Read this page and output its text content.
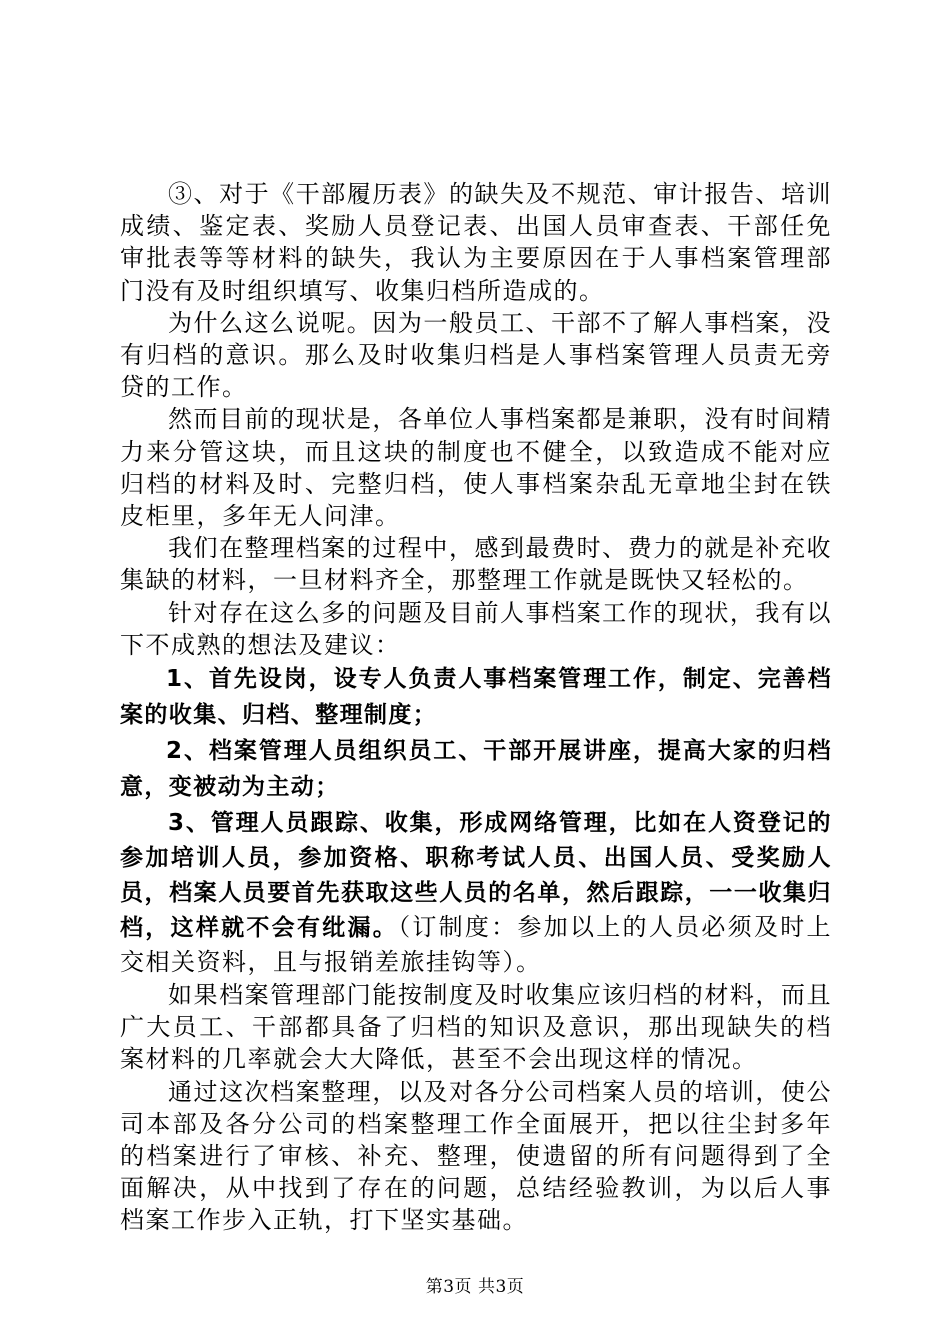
③、对于《干部履历表》的缺失及不规范、审计报告、培训成绩、鉴定表、奖励人员登记表、出国人员审查表、干部任免审批表等等材料的缺失，我认为主要原因在于人事档案管理部门没有及时组织填写、收集归档所造成的。

为什么这么说呢。因为一般员工、干部不了解人事档案，没有归档的意识。那么及时收集归档是人事档案管理人员责无旁贷的工作。

然而目前的现状是，各单位人事档案都是兼职，没有时间精力来分管这块，而且这块的制度也不健全，以致造成不能对应归档的材料及时、完整归档，使人事档案杂乱无章地尘封在铁皮柜里，多年无人问津。

我们在整理档案的过程中，感到最费时、费力的就是补充收集缺的材料，一旦材料齐全，那整理工作就是既快又轻松的。

针对存在这么多的问题及目前人事档案工作的现状，我有以下不成熟的想法及建议：

1、首先设岗，设专人负责人事档案管理工作，制定、完善档案的收集、归档、整理制度；

2、档案管理人员组织员工、干部开展讲座，提高大家的归档意，变被动为主动；

3、管理人员跟踪、收集，形成网络管理，比如在人资登记的参加培训人员，参加资格、职称考试人员、出国人员、受奖励人员，档案人员要首先获取这些人员的名单，然后跟踪，一一收集归档，这样就不会有纰漏。（订制度：参加以上的人员必须及时上交相关资料，且与报销差旅挂钩等）。

如果档案管理部门能按制度及时收集应该归档的材料，而且广大员工、干部都具备了归档的知识及意识，那出现缺失的档案材料的几率就会大大降低，甚至不会出现这样的情况。

通过这次档案整理，以及对各分公司档案人员的培训，使公司本部及各分公司的档案整理工作全面展开，把以往尘封多年的档案进行了审核、补充、整理，使遗留的所有问题得到了全面解决，从中找到了存在的问题，总结经验教训，为以后人事档案工作步入正轨，打下坚实基础。

第3页 共3页
